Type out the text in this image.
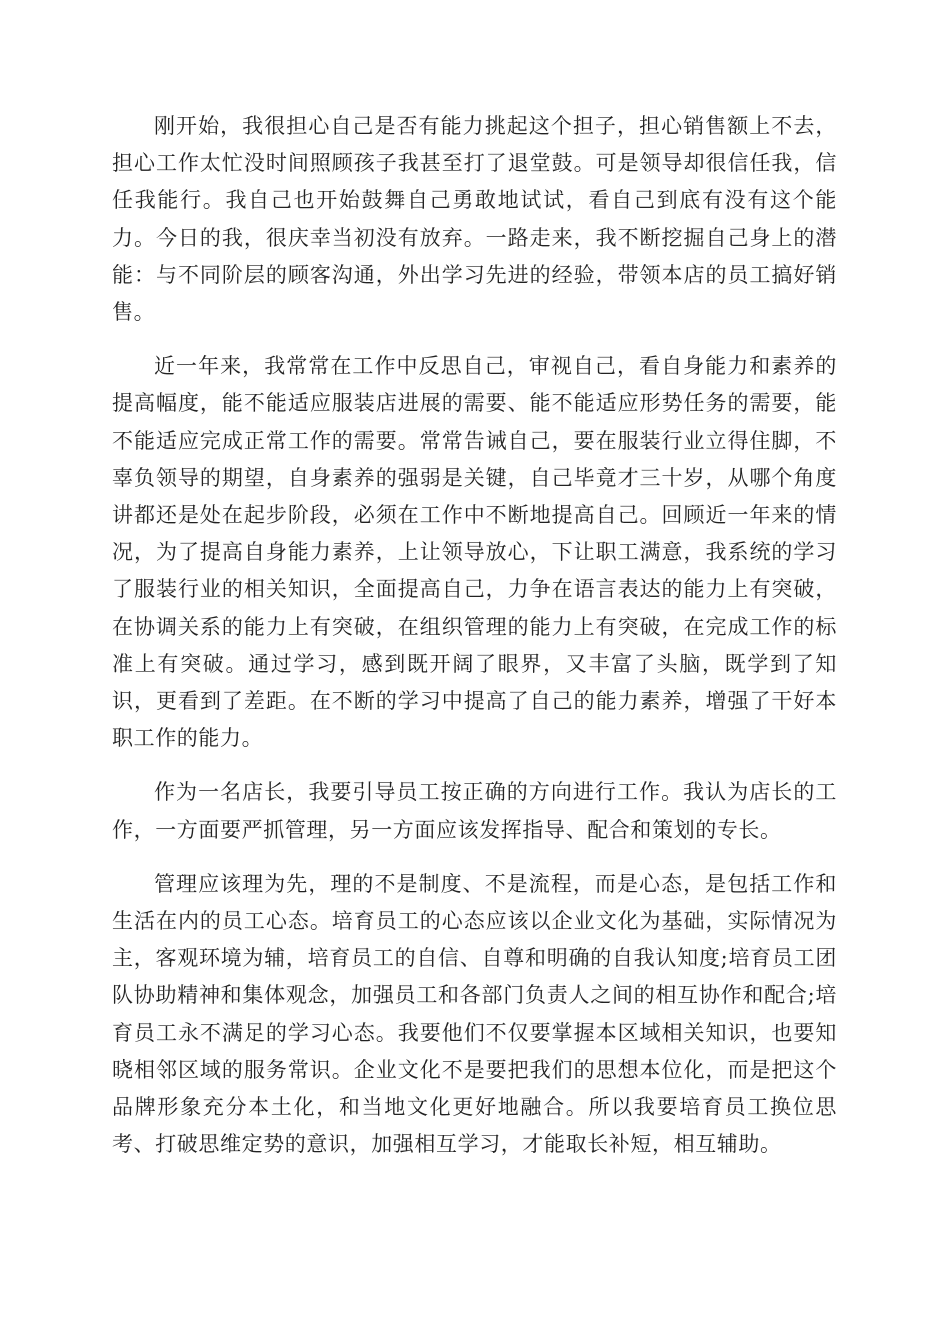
刚开始，我很担心自己是否有能力挑起这个担子，担心销售额上不去，担心工作太忙没时间照顾孩子我甚至打了退堂鼓。可是领导却很信任我，信任我能行。我自己也开始鼓舞自己勇敢地试试，看自己到底有没有这个能力。今日的我，很庆幸当初没有放弃。一路走来，我不断挖掘自己身上的潜能：与不同阶层的顾客沟通，外出学习先进的经验，带领本店的员工搞好销售。

近一年来，我常常在工作中反思自己，审视自己，看自身能力和素养的提高幅度，能不能适应服装店进展的需要、能不能适应形势任务的需要，能不能适应完成正常工作的需要。常常告诫自己，要在服装行业立得住脚，不辜负领导的期望，自身素养的强弱是关键，自己毕竟才三十岁，从哪个角度讲都还是处在起步阶段，必须在工作中不断地提高自己。回顾近一年来的情况，为了提高自身能力素养，上让领导放心，下让职工满意，我系统的学习了服装行业的相关知识，全面提高自己，力争在语言表达的能力上有突破，在协调关系的能力上有突破，在组织管理的能力上有突破，在完成工作的标准上有突破。通过学习，感到既开阔了眼界，又丰富了头脑，既学到了知识，更看到了差距。在不断的学习中提高了自己的能力素养，增强了干好本职工作的能力。

作为一名店长，我要引导员工按正确的方向进行工作。我认为店长的工作，一方面要严抓管理，另一方面应该发挥指导、配合和策划的专长。

管理应该理为先，理的不是制度、不是流程，而是心态，是包括工作和生活在内的员工心态。培育员工的心态应该以企业文化为基础，实际情况为主，客观环境为辅，培育员工的自信、自尊和明确的自我认知度;培育员工团队协助精神和集体观念，加强员工和各部门负责人之间的相互协作和配合;培育员工永不满足的学习心态。我要他们不仅要掌握本区域相关知识，也要知晓相邻区域的服务常识。企业文化不是要把我们的思想本位化，而是把这个品牌形象充分本土化，和当地文化更好地融合。所以我要培育员工换位思考、打破思维定势的意识，加强相互学习，才能取长补短，相互辅助。
